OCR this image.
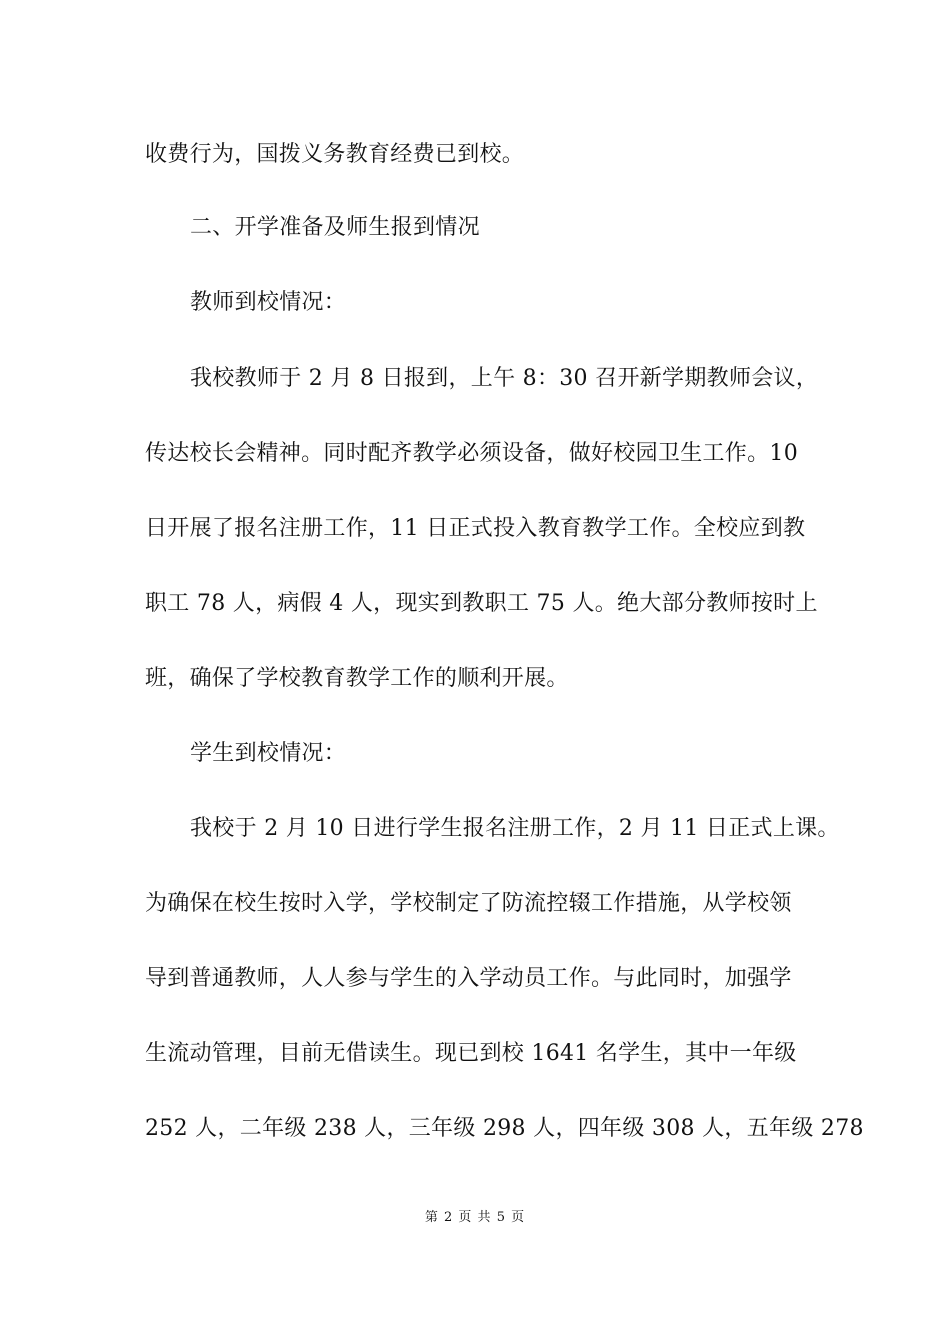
收费行为，国拨义务教育经费已到校。
二、开学准备及师生报到情况
教师到校情况：
我校教师于 2 月 8 日报到，上午 8：30 召开新学期教师会议，
传达校长会精神。同时配齐教学必须设备，做好校园卫生工作。10
日开展了报名注册工作，11 日正式投入教育教学工作。全校应到教
职工 78 人，病假 4 人，现实到教职工 75 人。绝大部分教师按时上
班，确保了学校教育教学工作的顺利开展。
学生到校情况：
我校于 2 月 10 日进行学生报名注册工作，2 月 11 日正式上课。
为确保在校生按时入学，学校制定了防流控辍工作措施，从学校领
导到普通教师，人人参与学生的入学动员工作。与此同时，加强学
生流动管理，目前无借读生。现已到校 1641 名学生，其中一年级
252 人，二年级 238 人，三年级 298 人，四年级 308 人，五年级 278
第 2 页 共 5 页
